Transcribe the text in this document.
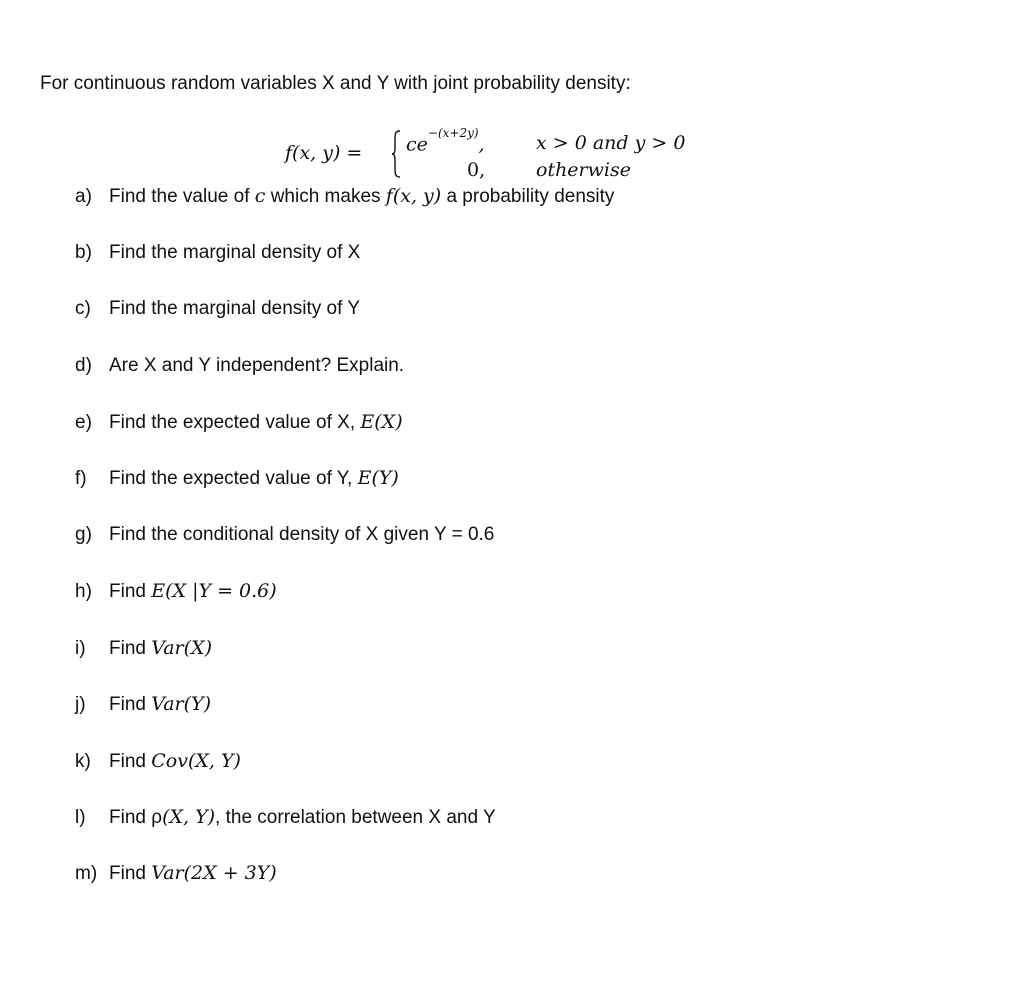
For continuous random variables X and Y with joint probability density:
f(x, $y) = ce^{-(x+2y)}$,
0,
x > 0 and y > 0
otherwise
a) Find the value of c which makes f(x, y) a probability density
b) Find the marginal density of X
c) Find the marginal density of Y
d) Are X and Y independent? Explain.
e) Find the expected value of X, E(X)
f) Find the expected value of Y, E(Y)
g) Find the conditional density of X given Y = 0.6
h) Find E(X |Y = 0.6)
i) Find Var(X)
j) Find Var(Y)
k) Find Cov(X, Y)
l) Find ρ(X, Y), the correlation between X and Y
m) Find Var(2X + 3Y)
